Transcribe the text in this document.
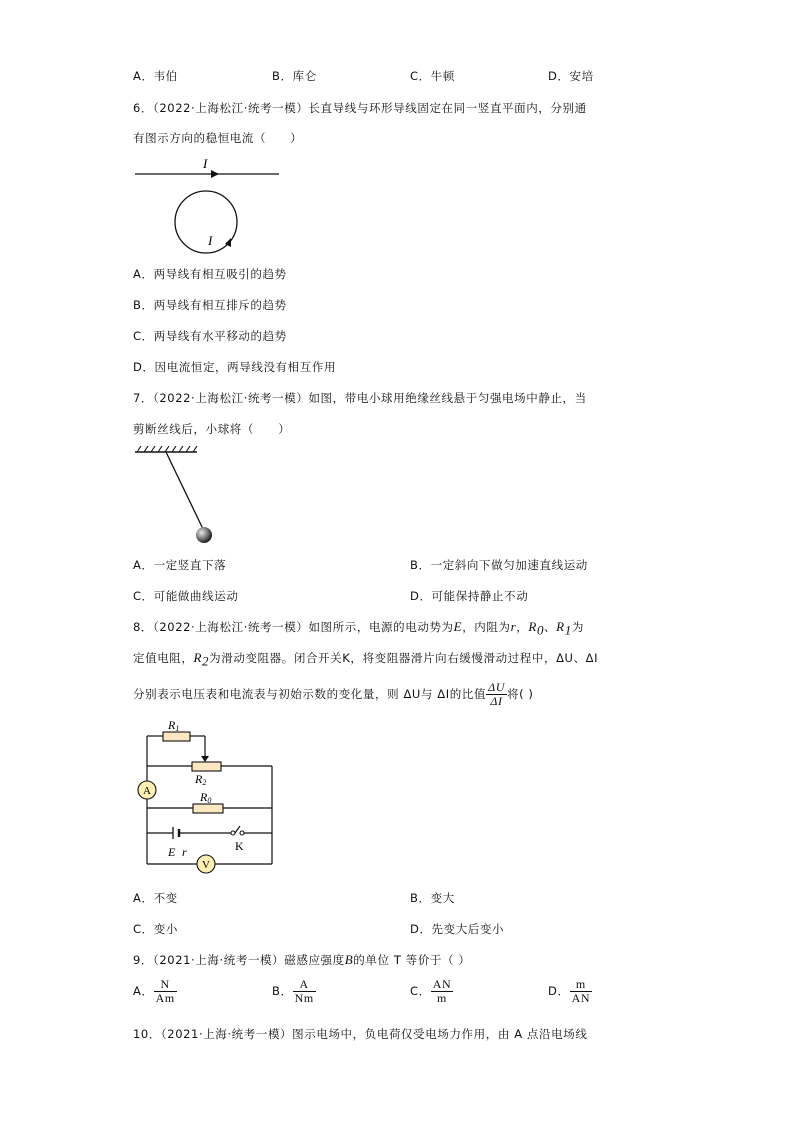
A．韦伯	B．库仑	C．牛顿	D．安培
6．（2022·上海松江·统考一模）长直导线与环形导线固定在同一竖直平面内，分别通
有图示方向的稳恒电流（　　）
I
I
A．两导线有相互吸引的趋势
B．两导线有相互排斥的趋势
C．两导线有水平移动的趋势
D．因电流恒定，两导线没有相互作用
7．（2022·上海松江·统考一模）如图，带电小球用绝缘丝线悬于匀强电场中静止，当
剪断丝线后，小球将（　　）
A．一定竖直下落	B．一定斜向下做匀加速直线运动
C．可能做曲线运动	D．可能保持静止不动
8．（2022·上海松江·统考一模）如图所示，电源的电动势为E，内阻为r，$R_0$、$R_1$为
定值电阻，$R_2$为滑动变阻器。闭合开关K，将变阻器滑片向右缓慢滑动过程中，ΔU、ΔI
分别表示电压表和电流表与初始示数的变化量，则 ΔU与 ΔI的比值 $\frac{\Delta U}{\Delta I}$ 将( )
R1
R2
R0
A
V
E r	K
A．不变	B．变大
C．变小	D．先变大后变小
9．（2021·上海·统考一模）磁感应强度B的单位 T 等价于（ ）
A． $\frac{N}{Am}$	B． $\frac{A}{Nm}$	C． $\frac{AN}{m}$	D． $\frac{m}{AN}$
10．（2021·上海·统考一模）图示电场中，负电荷仅受电场力作用，由 A 点沿电场线
